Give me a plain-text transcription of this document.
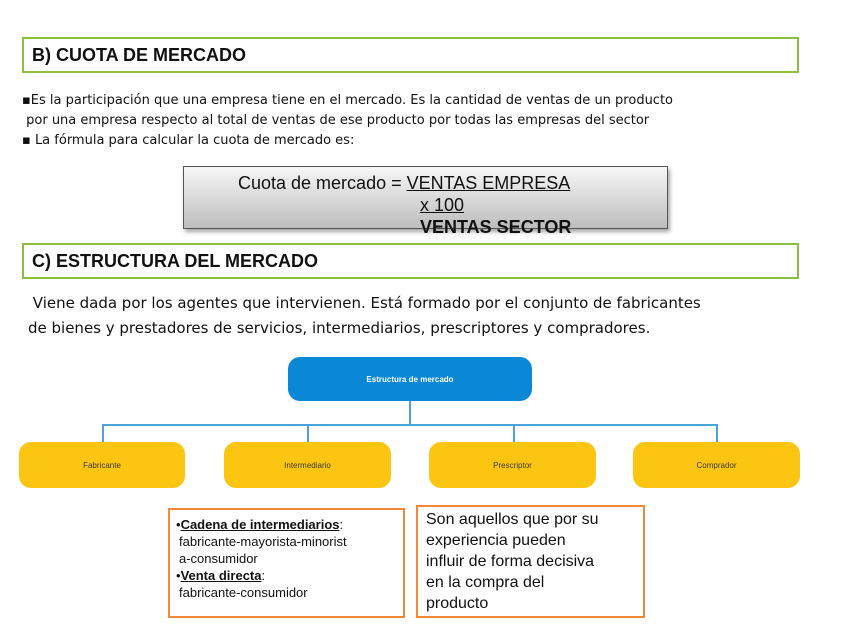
B) CUOTA DE MERCADO
▪Es la participación que una empresa tiene en el mercado. Es la cantidad de ventas de un producto
por una empresa respecto al total de ventas de ese producto por todas las empresas del sector
▪ La fórmula para calcular la cuota de mercado es:
Cuota de mercado = VENTAS EMPRESA
x 100
VENTAS SECTOR
C) ESTRUCTURA DEL MERCADO
Viene dada por los agentes que intervienen. Está formado por el conjunto de fabricantes
de bienes y prestadores de servicios, intermediarios, prescriptores y compradores.
Estructura de mercado
Fabricante	Intermediario	Prescriptor	Comprador
•Cadena de intermediarios:
fabricante-mayorista-minorist
a-consumidor
•Venta directa:
fabricante-consumidor
Son aquellos que por su
experiencia pueden
influir de forma decisiva
en la compra del
producto
